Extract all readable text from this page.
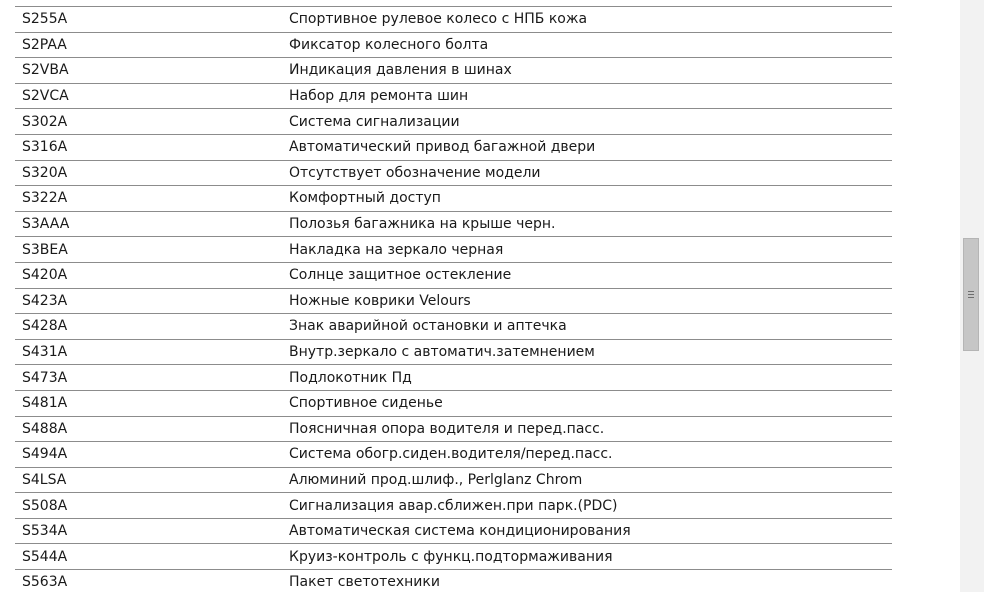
S255A	Спортивное рулевое колесо с НПБ кожа
S2PAA	Фиксатор колесного болта
S2VBA	Индикация давления в шинах
S2VCA	Набор для ремонта шин
S302A	Система сигнализации
S316A	Автоматический привод багажной двери
S320A	Отсутствует обозначение модели
S322A	Комфортный доступ
S3AAA	Полозья багажника на крыше черн.
S3BEA	Накладка на зеркало черная
S420A	Солнце защитное остекление
S423A	Ножные коврики Velours
S428A	Знак аварийной остановки и аптечка
S431A	Внутр.зеркало с автоматич.затемнением
S473A	Подлокотник Пд
S481A	Спортивное сиденье
S488A	Поясничная опора водителя и перед.пасс.
S494A	Система обогр.сиден.водителя/перед.пасс.
S4LSA	Алюминий прод.шлиф., Perlglanz Chrom
S508A	Сигнализация авар.сближен.при парк.(PDC)
S534A	Автоматическая система кондиционирования
S544A	Круиз-контроль с функц.подтормаживания
S563A	Пакет светотехники
